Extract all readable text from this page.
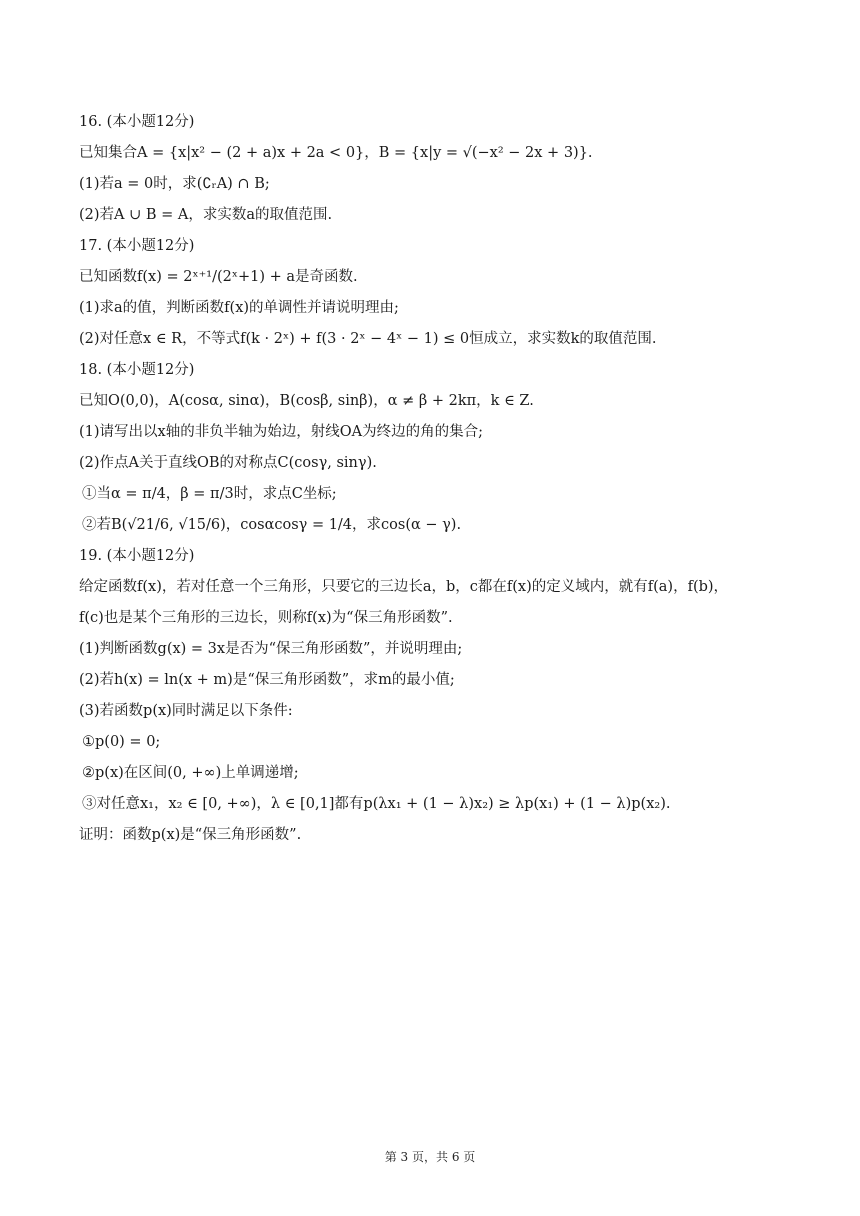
16. (本小题12分)
已知集合A = {x|x² − (2 + a)x + 2a < 0}，B = {x|y = √(−x² − 2x + 3)}.
(1)若a = 0时，求(∁ᵣA) ∩ B;
(2)若A ∪ B = A，求实数a的取值范围.
17. (本小题12分)
已知函数f(x) = 2ˣ⁺¹/(2ˣ+1) + a是奇函数.
(1)求a的值，判断函数f(x)的单调性并请说明理由;
(2)对任意x ∈ R，不等式f(k · 2ˣ) + f(3 · 2ˣ − 4ˣ − 1) ≤ 0恒成立，求实数k的取值范围.
18. (本小题12分)
已知O(0,0)，A(cosα, sinα)，B(cosβ, sinβ)，α ≠ β + 2kπ，k ∈ Z.
(1)请写出以x轴的非负半轴为始边，射线OA为终边的角的集合;
(2)作点A关于直线OB的对称点C(cosγ, sinγ).
①当α = π/4，β = π/3时，求点C坐标;
②若B(√21/6, √15/6)，cosαcosγ = 1/4，求cos(α − γ).
19. (本小题12分)
给定函数f(x)，若对任意一个三角形，只要它的三边长a，b，c都在f(x)的定义域内，就有f(a)，f(b)，
f(c)也是某个三角形的三边长，则称f(x)为“保三角形函数”.
(1)判断函数g(x) = 3x是否为“保三角形函数”，并说明理由;
(2)若h(x) = ln(x + m)是“保三角形函数”，求m的最小值;
(3)若函数p(x)同时满足以下条件:
①p(0) = 0;
②p(x)在区间(0, +∞)上单调递增;
③对任意x₁，x₂ ∈ [0, +∞)，λ ∈ [0,1]都有p(λx₁ + (1 − λ)x₂) ≥ λp(x₁) + (1 − λ)p(x₂).
证明：函数p(x)是“保三角形函数”.
第 3 页，共 6 页
